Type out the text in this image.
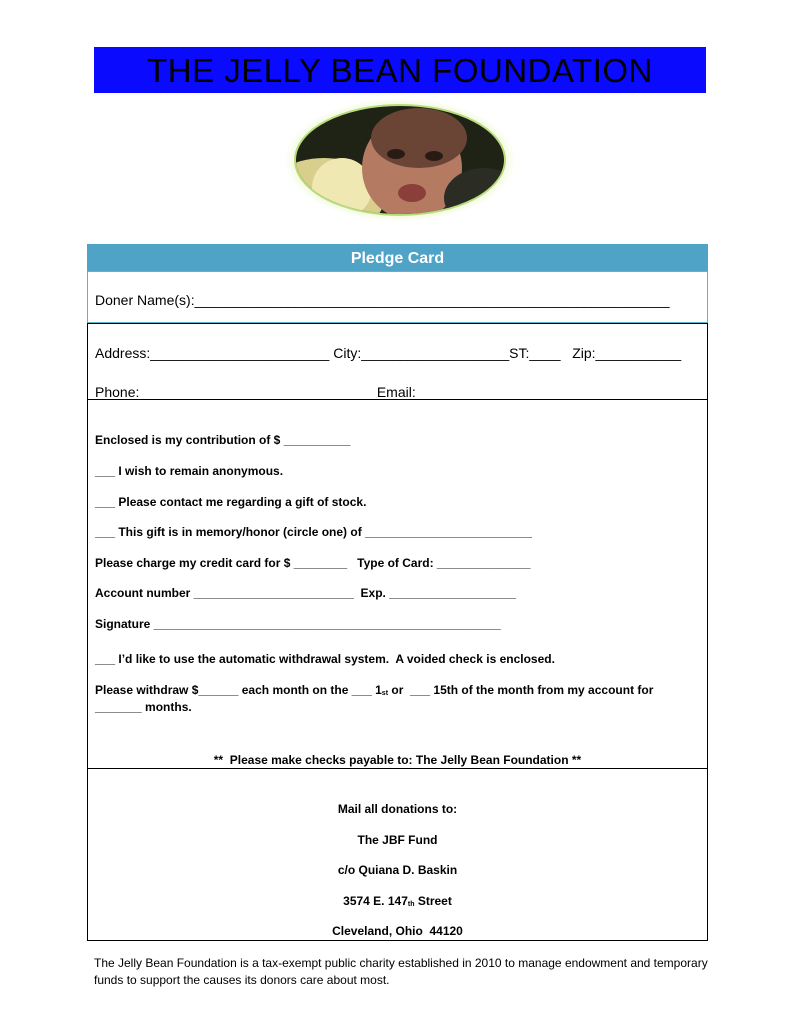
THE JELLY BEAN FOUNDATION
Pledge Card
Doner Name(s):_____________________________________________________________
Address:_______________________ City:___________________ST:____   Zip:___________
Phone: _____________________________  Email:_________________________________
Enclosed is my contribution of $ __________
___ I wish to remain anonymous.
___ Please contact me regarding a gift of stock.
___ This gift is in memory/honor (circle one) of _________________________
Please charge my credit card for $ ________   Type of Card: ______________
Account number ________________________  Exp. ___________________
Signature ____________________________________________________
___ I’d like to use the automatic withdrawal system.  A voided check is enclosed.
Please withdraw $______ each month on the ___ $1_{st}$ or  ___ 15th of the month from my account for
_______ months.
**  Please make checks payable to: The Jelly Bean Foundation **
Mail all donations to:
The JBF Fund
c/o Quiana D. Baskin
3574 E. $147_{th}$ Street
Cleveland, Ohio  44120
The Jelly Bean Foundation is a tax-exempt public charity established in 2010 to manage endowment and temporary funds to support the causes its donors care about most.
